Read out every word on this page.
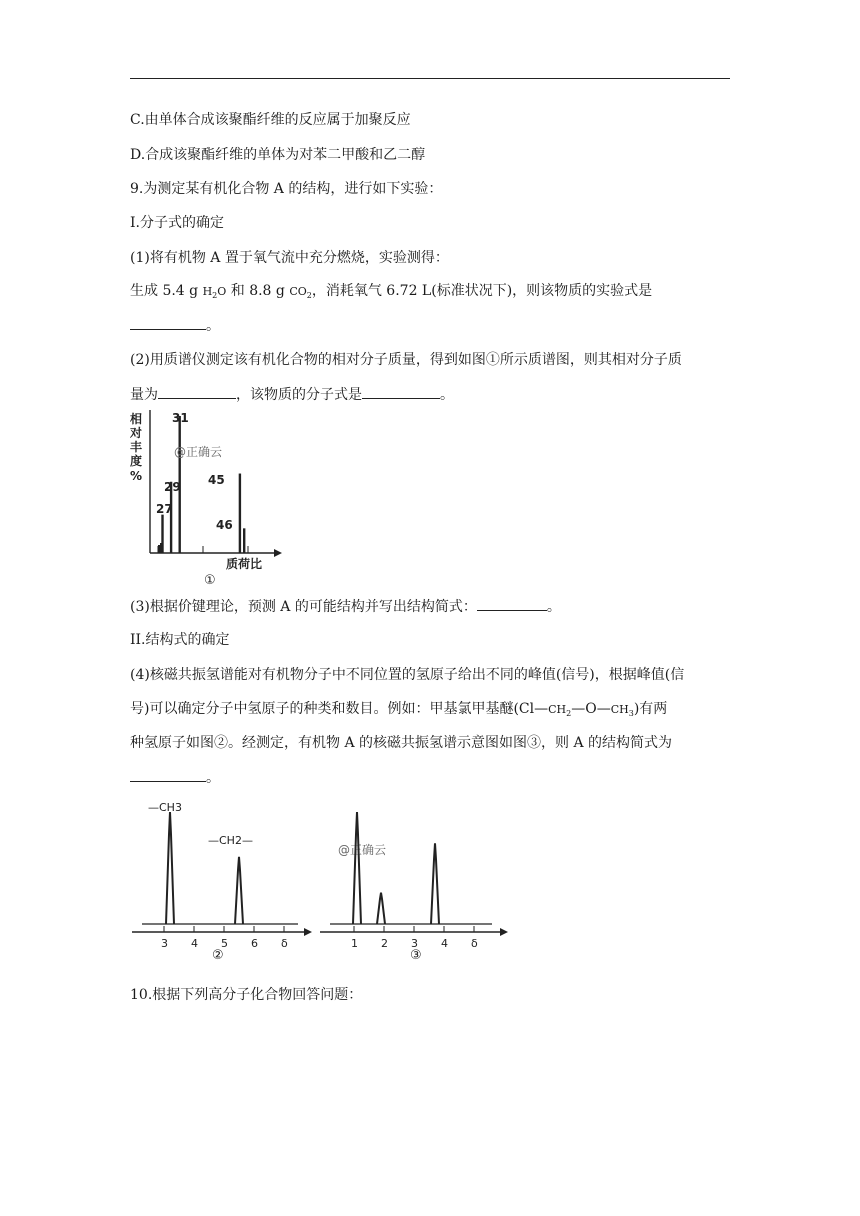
C.由单体合成该聚酯纤维的反应属于加聚反应
D.合成该聚酯纤维的单体为对苯二甲酸和乙二醇
9.为测定某有机化合物 A 的结构，进行如下实验：
I.分子式的确定
(1)将有机物 A 置于氧气流中充分燃烧，实验测得：
生成 5.4 g $H_2O$ 和 8.8 g $CO_2$，消耗氧气 6.72 L(标准状况下)，则该物质的实验式是
。
(2)用质谱仪测定该有机化合物的相对分子质量，得到如图①所示质谱图，则其相对分子质
量为	，该物质的分子式是	。
相
对
丰
度
%
31
29
27
45
46
@正确云
质荷比
①
(3)根据价键理论，预测 A 的可能结构并写出结构简式：	。
II.结构式的确定
(4)核磁共振氢谱能对有机物分子中不同位置的氢原子给出不同的峰值(信号)，根据峰值(信
号)可以确定分子中氢原子的种类和数目。例如：甲基氯甲基醚$(Cl—CH_2—O—CH_3)$有两
种氢原子如图②。经测定，有机物 A 的核磁共振氢谱示意图如图③，则 A 的结构简式为
。
—CH3
—CH2—
3 4 5 6 δ
②
@正确云
1 2 3 4 δ
③
10.根据下列高分子化合物回答问题：
